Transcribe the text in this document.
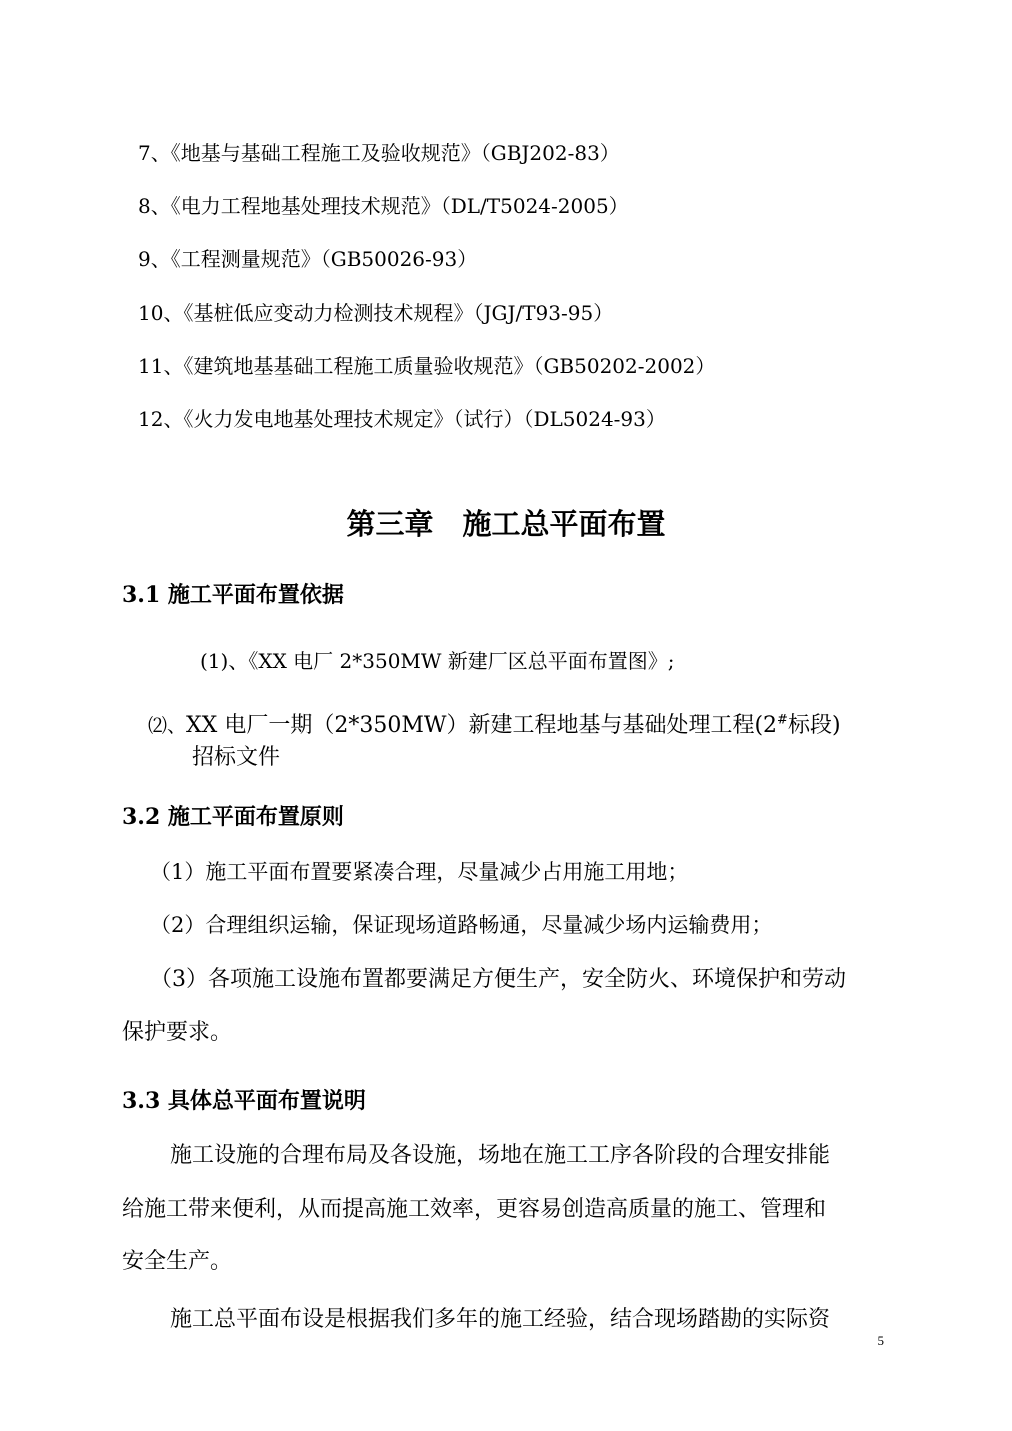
7、《地基与基础工程施工及验收规范》（GBJ202-83）
8、《电力工程地基处理技术规范》（DL/T5024-2005）
9、《工程测量规范》（GB50026-93）
10、《基桩低应变动力检测技术规程》（JGJ/T93-95）
11、《建筑地基基础工程施工质量验收规范》（GB50202-2002）
12、《火力发电地基处理技术规定》（试行）（DL5024-93）
第三章　施工总平面布置
3.1 施工平面布置依据
(1)、《XX 电厂 2*350MW 新建厂区总平面布置图》;
⑵、XX 电厂一期（2*350MW）新建工程地基与基础处理工程(2#标段)
招标文件
3.2 施工平面布置原则
（1）施工平面布置要紧凑合理，尽量减少占用施工用地；
（2）合理组织运输，保证现场道路畅通，尽量减少场内运输费用；
（3）各项施工设施布置都要满足方便生产，安全防火、环境保护和劳动
保护要求。
3.3 具体总平面布置说明
施工设施的合理布局及各设施，场地在施工工序各阶段的合理安排能
给施工带来便利，从而提高施工效率，更容易创造高质量的施工、管理和
安全生产。
施工总平面布设是根据我们多年的施工经验，结合现场踏勘的实际资
5
